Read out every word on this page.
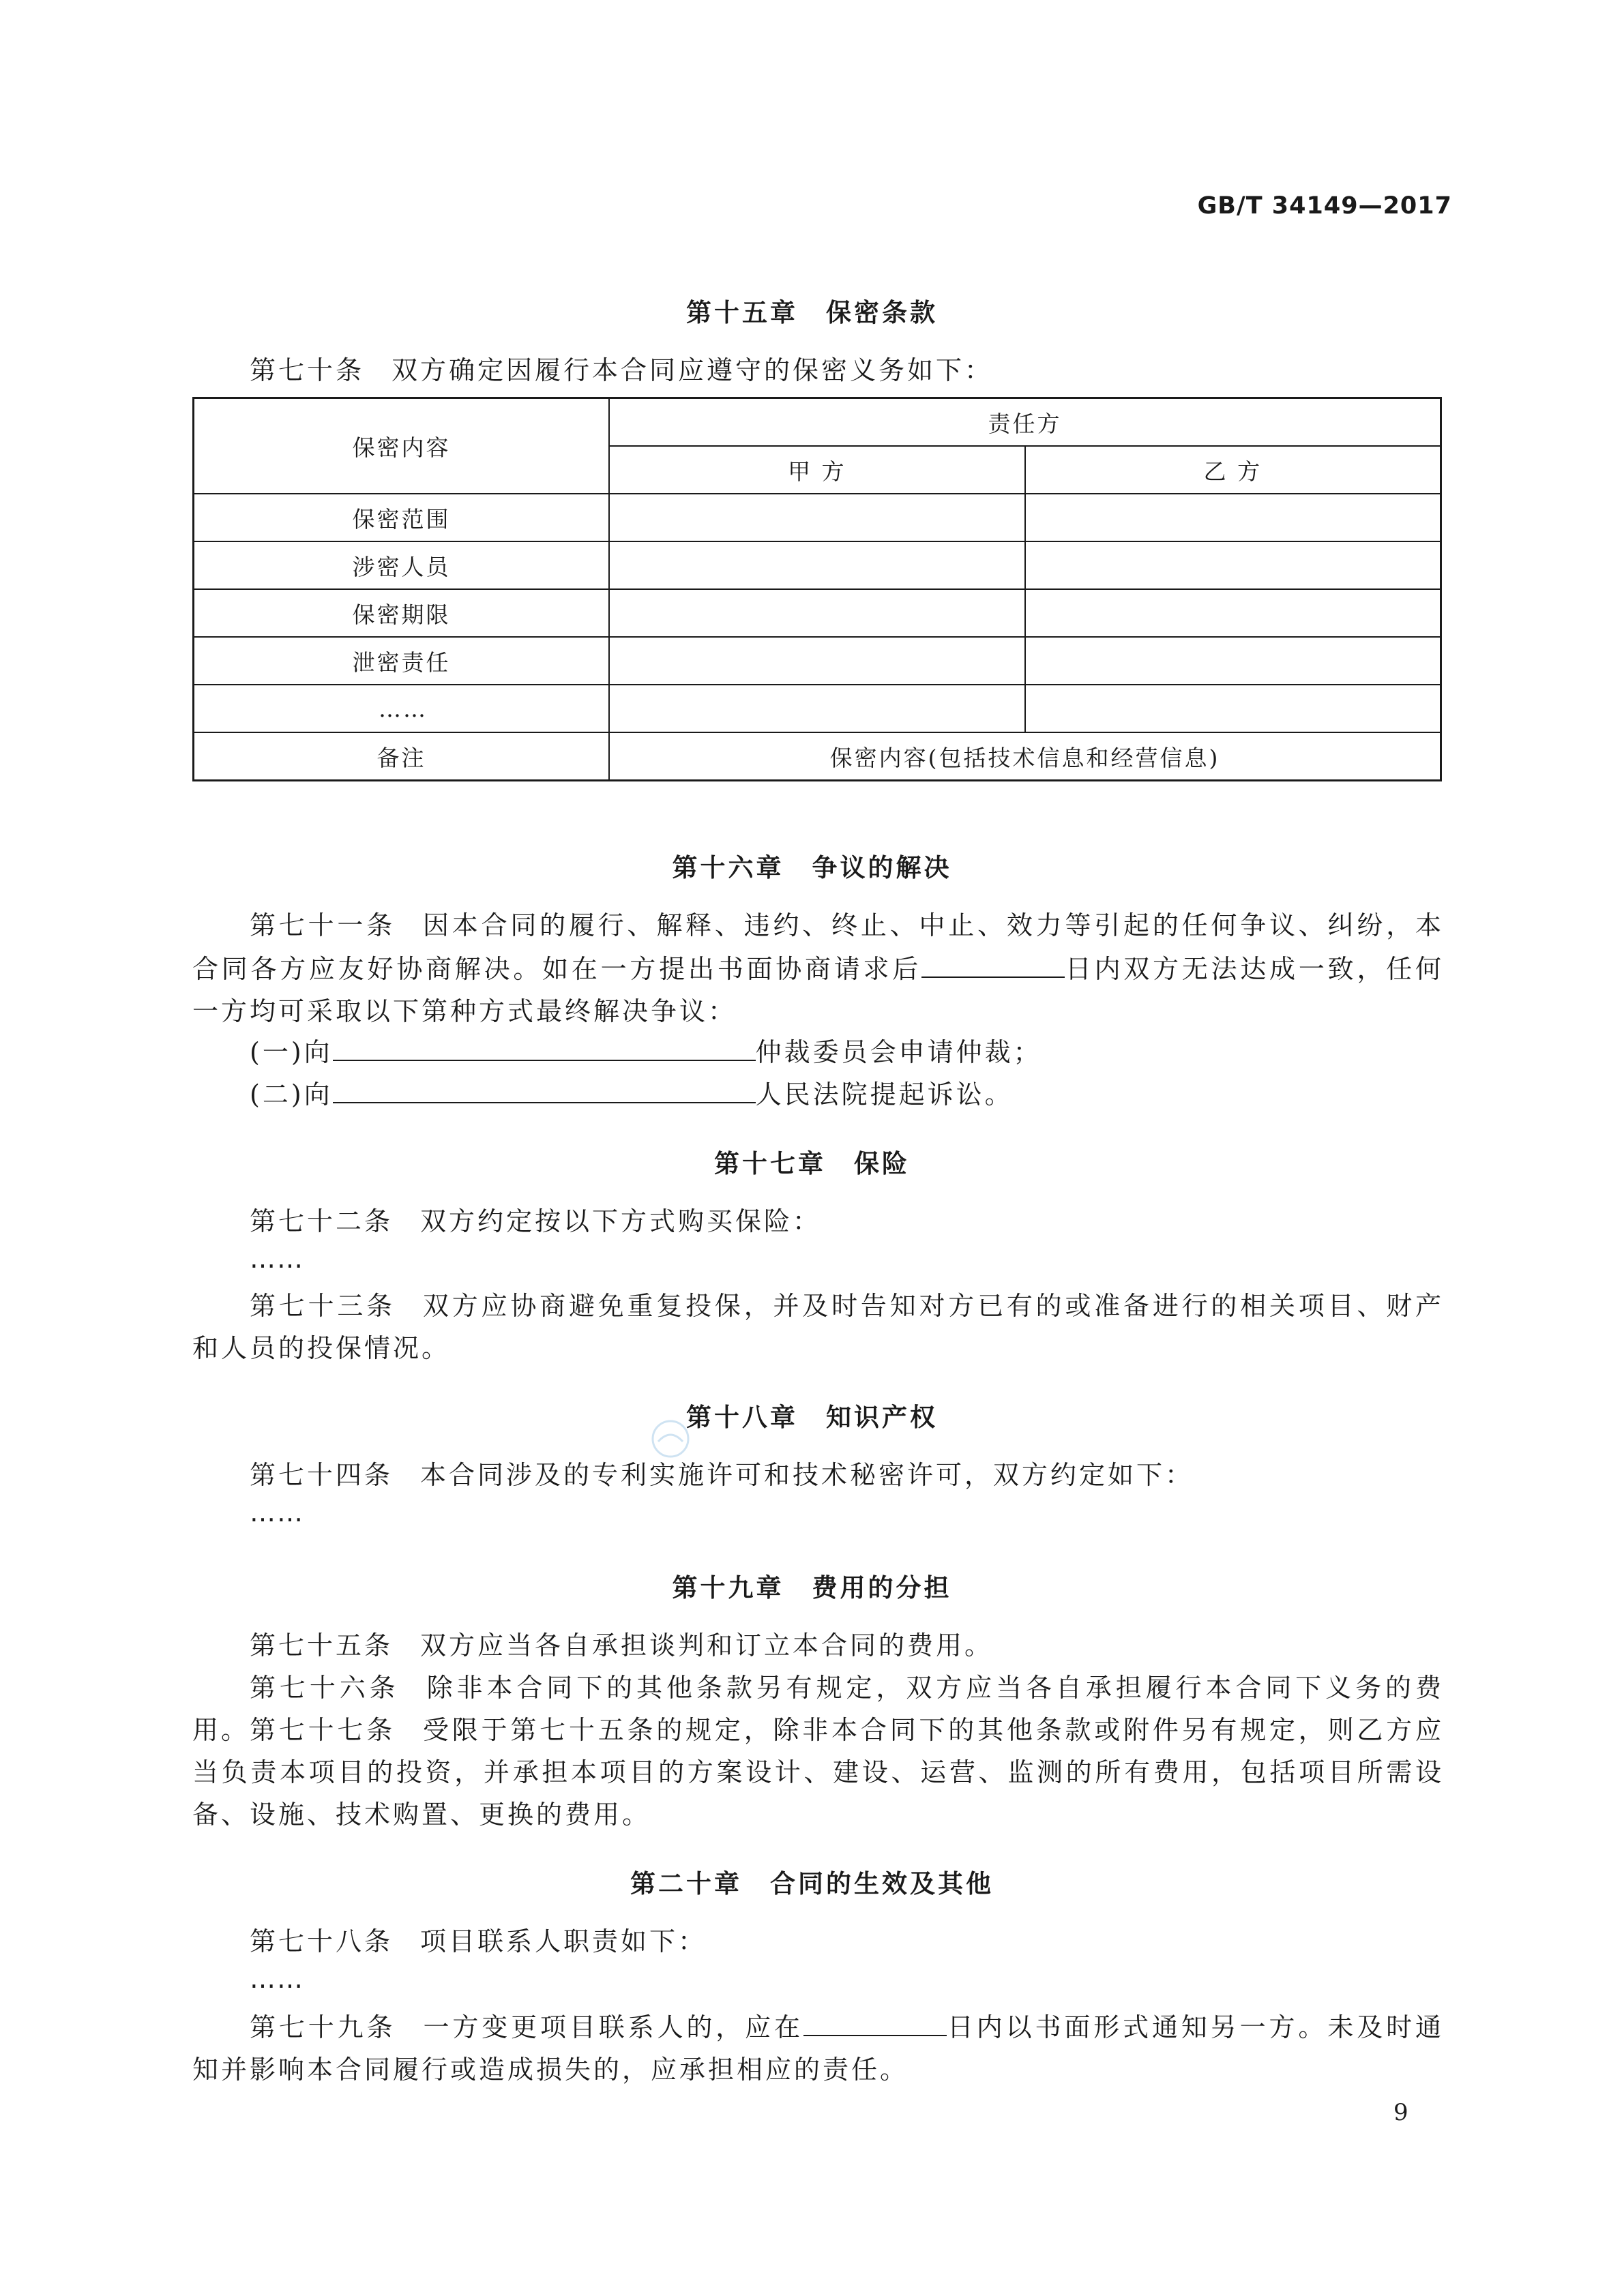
GB/T 34149—2017
第十五章　保密条款
第七十条 双方确定因履行本合同应遵守的保密义务如下：
保密内容	责任方	
	甲 方	乙 方
保密范围		
涉密人员		
保密期限		
泄密责任		
……		
备注	保密内容(包括技术信息和经营信息)	
第十六章　争议的解决
第七十一条 因本合同的履行、解释、违约、终止、中止、效力等引起的任何争议、纠纷，本合同各方应友好协商解决。如在一方提出书面协商请求后	日内双方无法达成一致，任何一方均可采取以下第种方式最终解决争议：
(一)向	仲裁委员会申请仲裁；
(二)向	人民法院提起诉讼。
第十七章　保险
第七十二条 双方约定按以下方式购买保险：
……
第七十三条 双方应协商避免重复投保，并及时告知对方已有的或准备进行的相关项目、财产和人员的投保情况。
第十八章　知识产权
第七十四条 本合同涉及的专利实施许可和技术秘密许可，双方约定如下：
……
第十九章　费用的分担
第七十五条 双方应当各自承担谈判和订立本合同的费用。
第七十六条 除非本合同下的其他条款另有规定，双方应当各自承担履行本合同下义务的费用。 第七十七条 受限于第七十五条的规定，除非本合同下的其他条款或附件另有规定，则乙方应当负责本项目的投资，并承担本项目的方案设计、建设、运营、监测的所有费用，包括项目所需设备、设施、技术购置、更换的费用。
第二十章　合同的生效及其他
第七十八条 项目联系人职责如下：
……
第七十九条 一方变更项目联系人的，应在	日内以书面形式通知另一方。未及时通知并影响本合同履行或造成损失的，应承担相应的责任。
9
